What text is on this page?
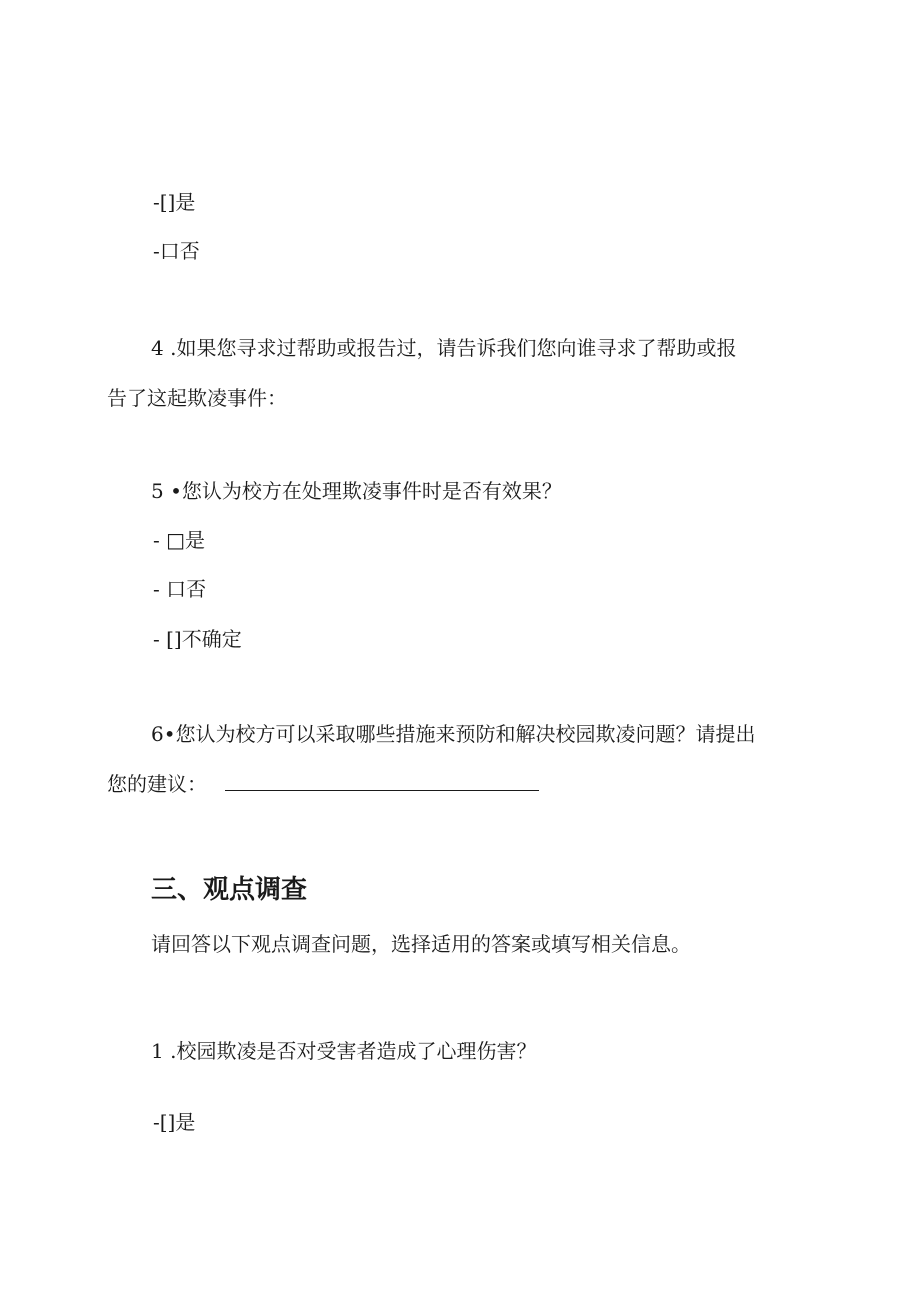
-[]是
-口否
4 .如果您寻求过帮助或报告过，请告诉我们您向谁寻求了帮助或报
告了这起欺凌事件：
5 •您认为校方在处理欺凌事件时是否有效果？
- □是
- 口否
- []不确定
6•您认为校方可以采取哪些措施来预防和解决校园欺凌问题？请提出
您的建议：
三、观点调查
请回答以下观点调查问题，选择适用的答案或填写相关信息。
1 .校园欺凌是否对受害者造成了心理伤害？
-[]是
